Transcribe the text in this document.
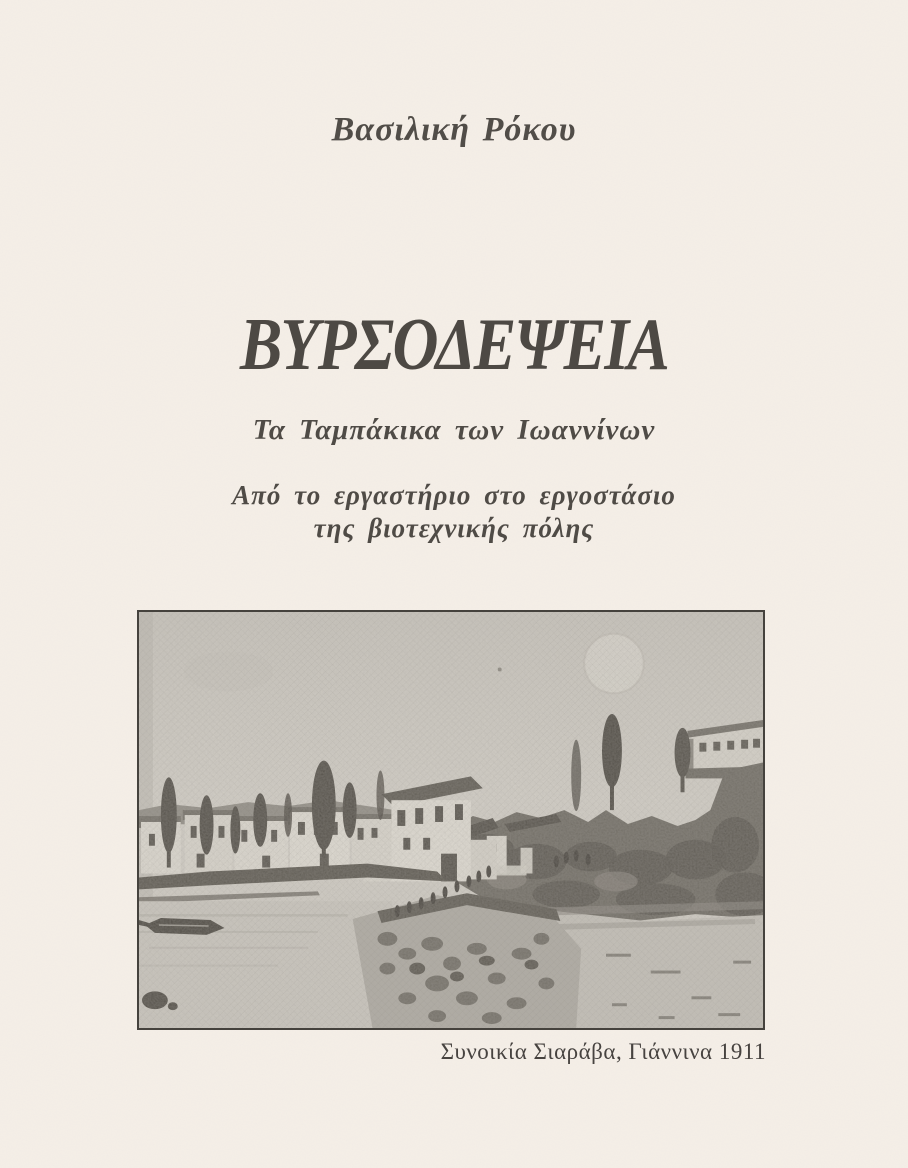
Βασιλική Ρόκου
ΒΥΡΣΟΔΕΨΕΙΑ
Τα Ταμπάκικα των Ιωαννίνων
Από το εργαστήριο στο εργοστάσιο
της βιοτεχνικής πόλης
Συνοικία Σιαράβα, Γιάννινα 1911
